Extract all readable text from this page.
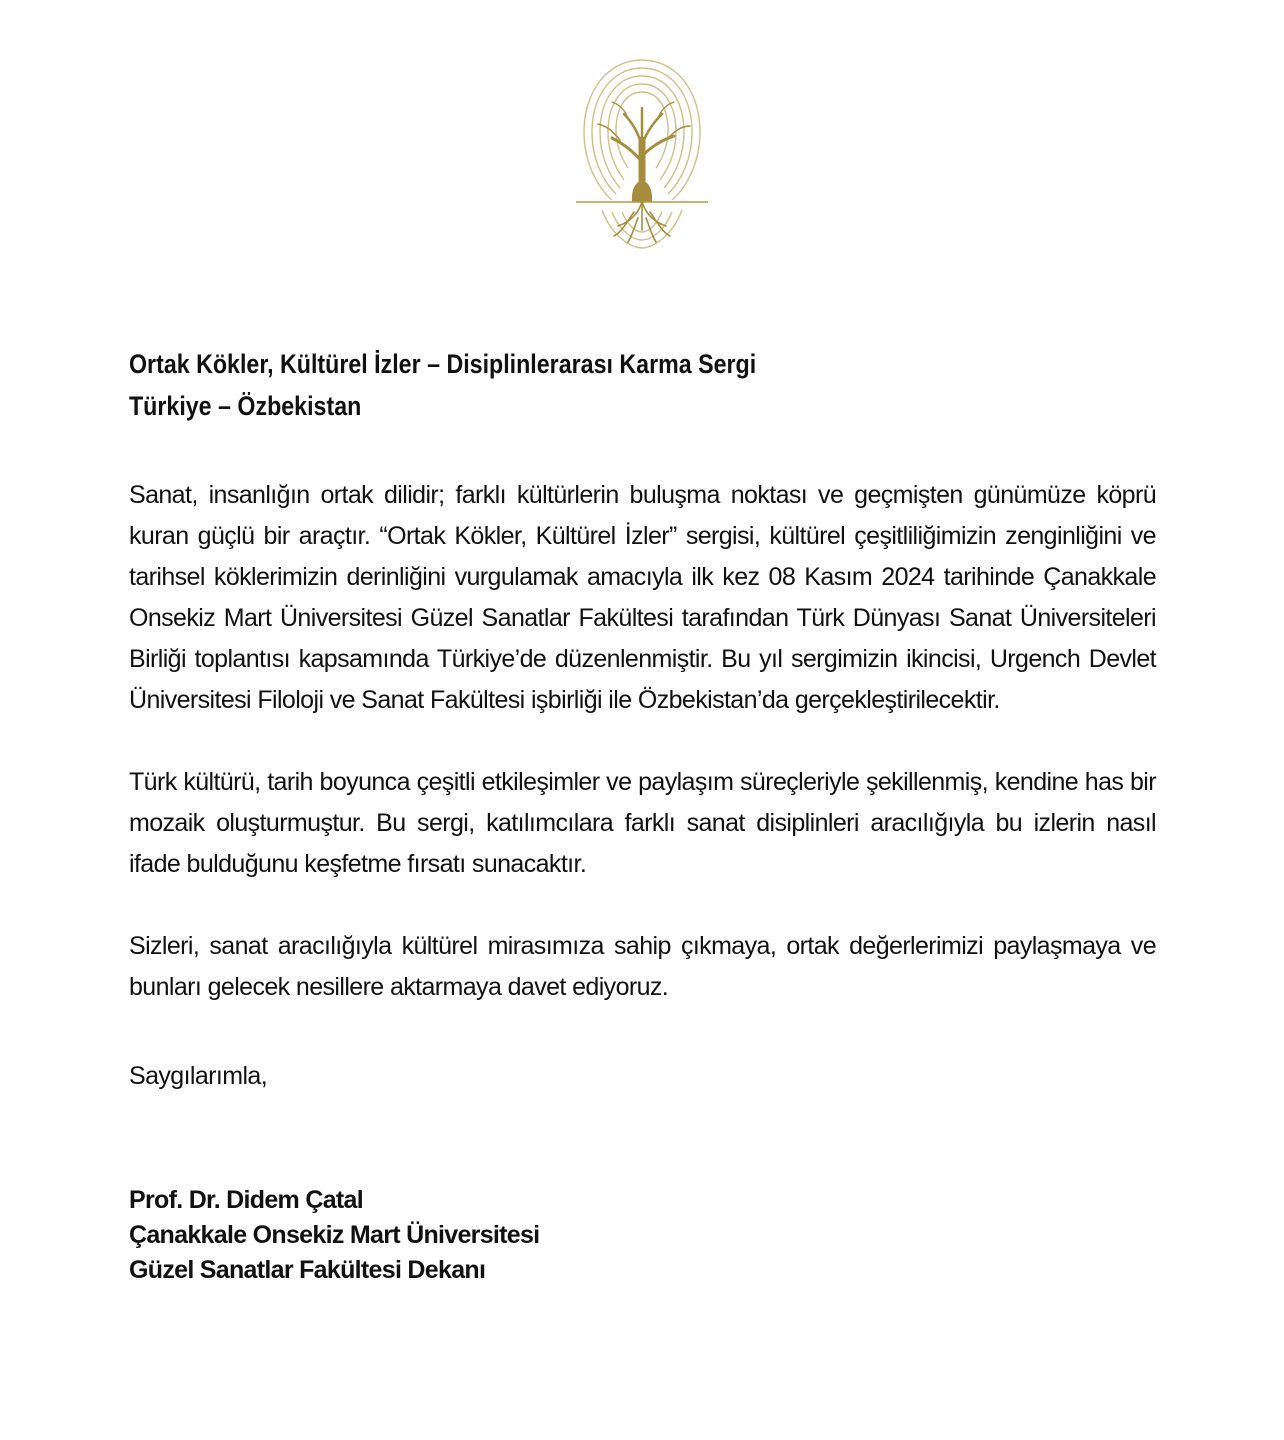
Ortak Kökler, Kültürel İzler – Disiplinlerarası Karma Sergi

Türkiye – Özbekistan

Sanat, insanlığın ortak dilidir; farklı kültürlerin buluşma noktası ve geçmişten günümüze köprü kuran güçlü bir araçtır. “Ortak Kökler, Kültürel İzler” sergisi, kültürel çeşitliliğimizin zenginliğini ve tarihsel köklerimizin derinliğini vurgulamak amacıyla ilk kez 08 Kasım 2024 tarihinde Çanakkale Onsekiz Mart Üniversitesi Güzel Sanatlar Fakültesi tarafından Türk Dünyası Sanat Üniversiteleri Birliği toplantısı kapsamında Türkiye’de düzenlenmiştir. Bu yıl sergimizin ikincisi, Urgench Devlet Üniversitesi Filoloji ve Sanat Fakültesi işbirliği ile Özbekistan’da gerçekleştirilecektir.

Türk kültürü, tarih boyunca çeşitli etkileşimler ve paylaşım süreçleriyle şekillenmiş, kendine has bir mozaik oluşturmuştur. Bu sergi, katılımcılara farklı sanat disiplinleri aracılığıyla bu izlerin nasıl ifade bulduğunu keşfetme fırsatı sunacaktır.

Sizleri, sanat aracılığıyla kültürel mirasımıza sahip çıkmaya, ortak değerlerimizi paylaşmaya ve bunları gelecek nesillere aktarmaya davet ediyoruz.

Saygılarımla,

Prof. Dr. Didem Çatal
Çanakkale Onsekiz Mart Üniversitesi
Güzel Sanatlar Fakültesi Dekanı
